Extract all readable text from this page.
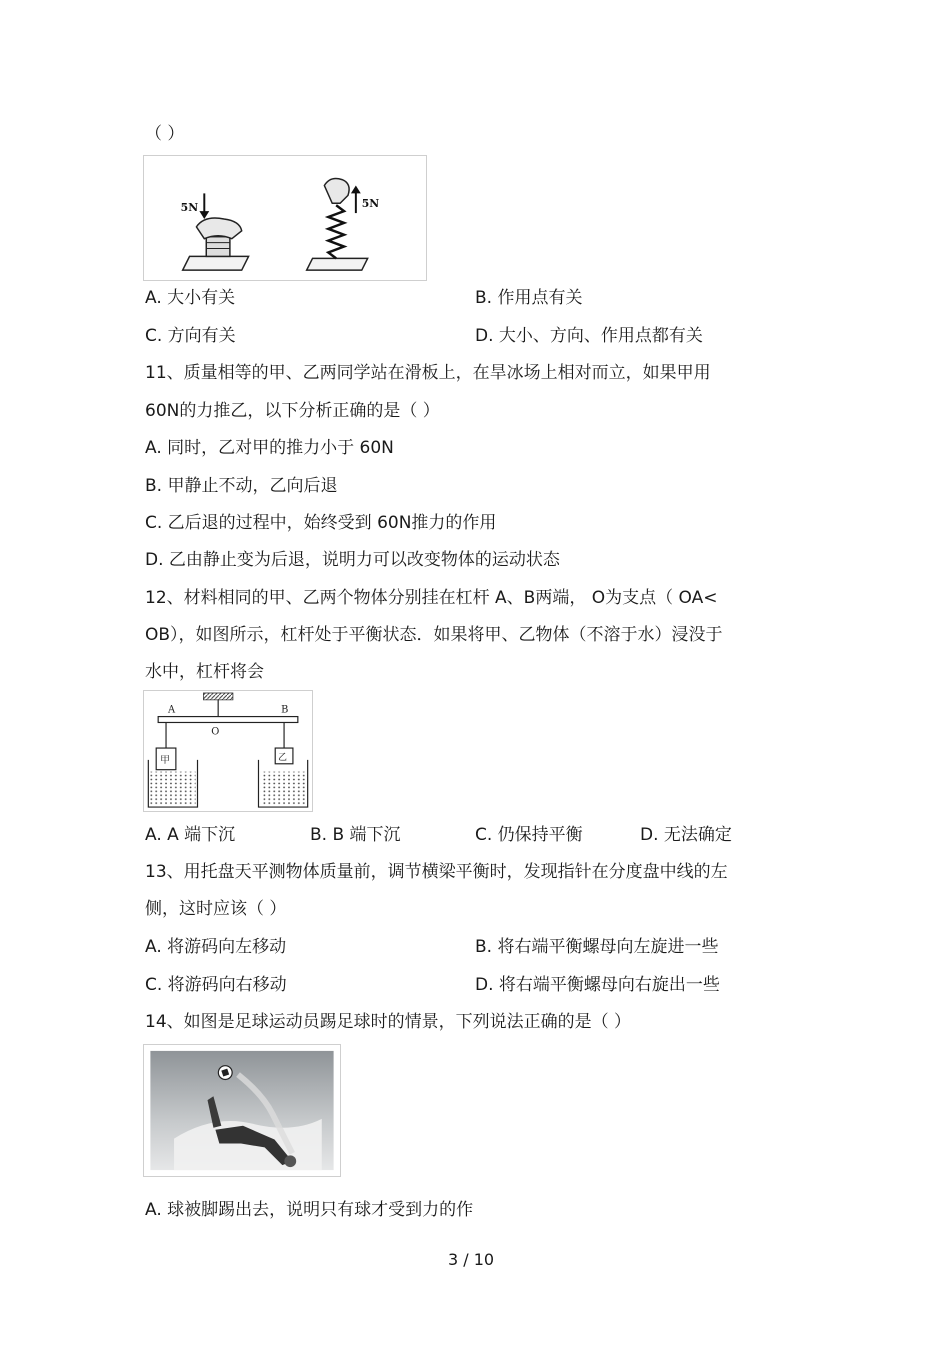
（ ）
5N	5N
A. 大小有关	B. 作用点有关
C. 方向有关	D. 大小、方向、作用点都有关
11、质量相等的甲、乙两同学站在滑板上，在旱冰场上相对而立，如果甲用
60N的力推乙，以下分析正确的是（ ）
A. 同时，乙对甲的推力小于 60N
B. 甲静止不动，乙向后退
C. 乙后退的过程中，始终受到 60N推力的作用
D. 乙由静止变为后退，说明力可以改变物体的运动状态
12、材料相同的甲、乙两个物体分别挂在杠杆 A、B两端， O为支点（ OA<
OB），如图所示，杠杆处于平衡状态．如果将甲、乙物体（不溶于水）浸没于
水中，杠杆将会
A	B
O
甲	乙
A. A 端下沉	B. B 端下沉	C. 仍保持平衡	D. 无法确定
13、用托盘天平测物体质量前，调节横梁平衡时，发现指针在分度盘中线的左
侧，这时应该（ ）
A. 将游码向左移动	B. 将右端平衡螺母向左旋进一些
C. 将游码向右移动	D. 将右端平衡螺母向右旋出一些
14、如图是足球运动员踢足球时的情景，下列说法正确的是（ ）
A. 球被脚踢出去，说明只有球才受到力的作
3 / 10
